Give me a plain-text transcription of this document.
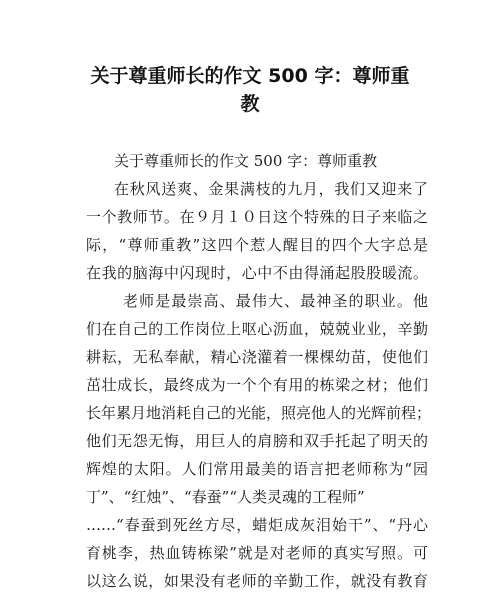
关于尊重师长的作文 500 字：尊师重
教
关于尊重师长的作文 500 字：尊师重教
在秋风送爽、金果满枝的九月，我们又迎来了
一个教师节。在９月１０日这个特殊的日子来临之
际，“尊师重教”这四个惹人醒目的四个大字总是
在我的脑海中闪现时，心中不由得涌起股股暖流。
老师是最崇高、最伟大、最神圣的职业。他
们在自己的工作岗位上呕心沥血，兢兢业业，辛勤
耕耘，无私奉献，精心浇灌着一棵棵幼苗，使他们
茁壮成长，最终成为一个个有用的栋梁之材；他们
长年累月地消耗自己的光能，照亮他人的光辉前程；
他们无怨无悔，用巨人的肩膀和双手托起了明天的
辉煌的太阳。人们常用最美的语言把老师称为“园
丁”、“红烛”、“春蚕”“人类灵魂的工程师”
……“春蚕到死丝方尽，蜡炬成灰泪始干”、“丹心
育桃李，热血铸栋梁”就是对老师的真实写照。可
以这么说，如果没有老师的辛勤工作，就没有教育
